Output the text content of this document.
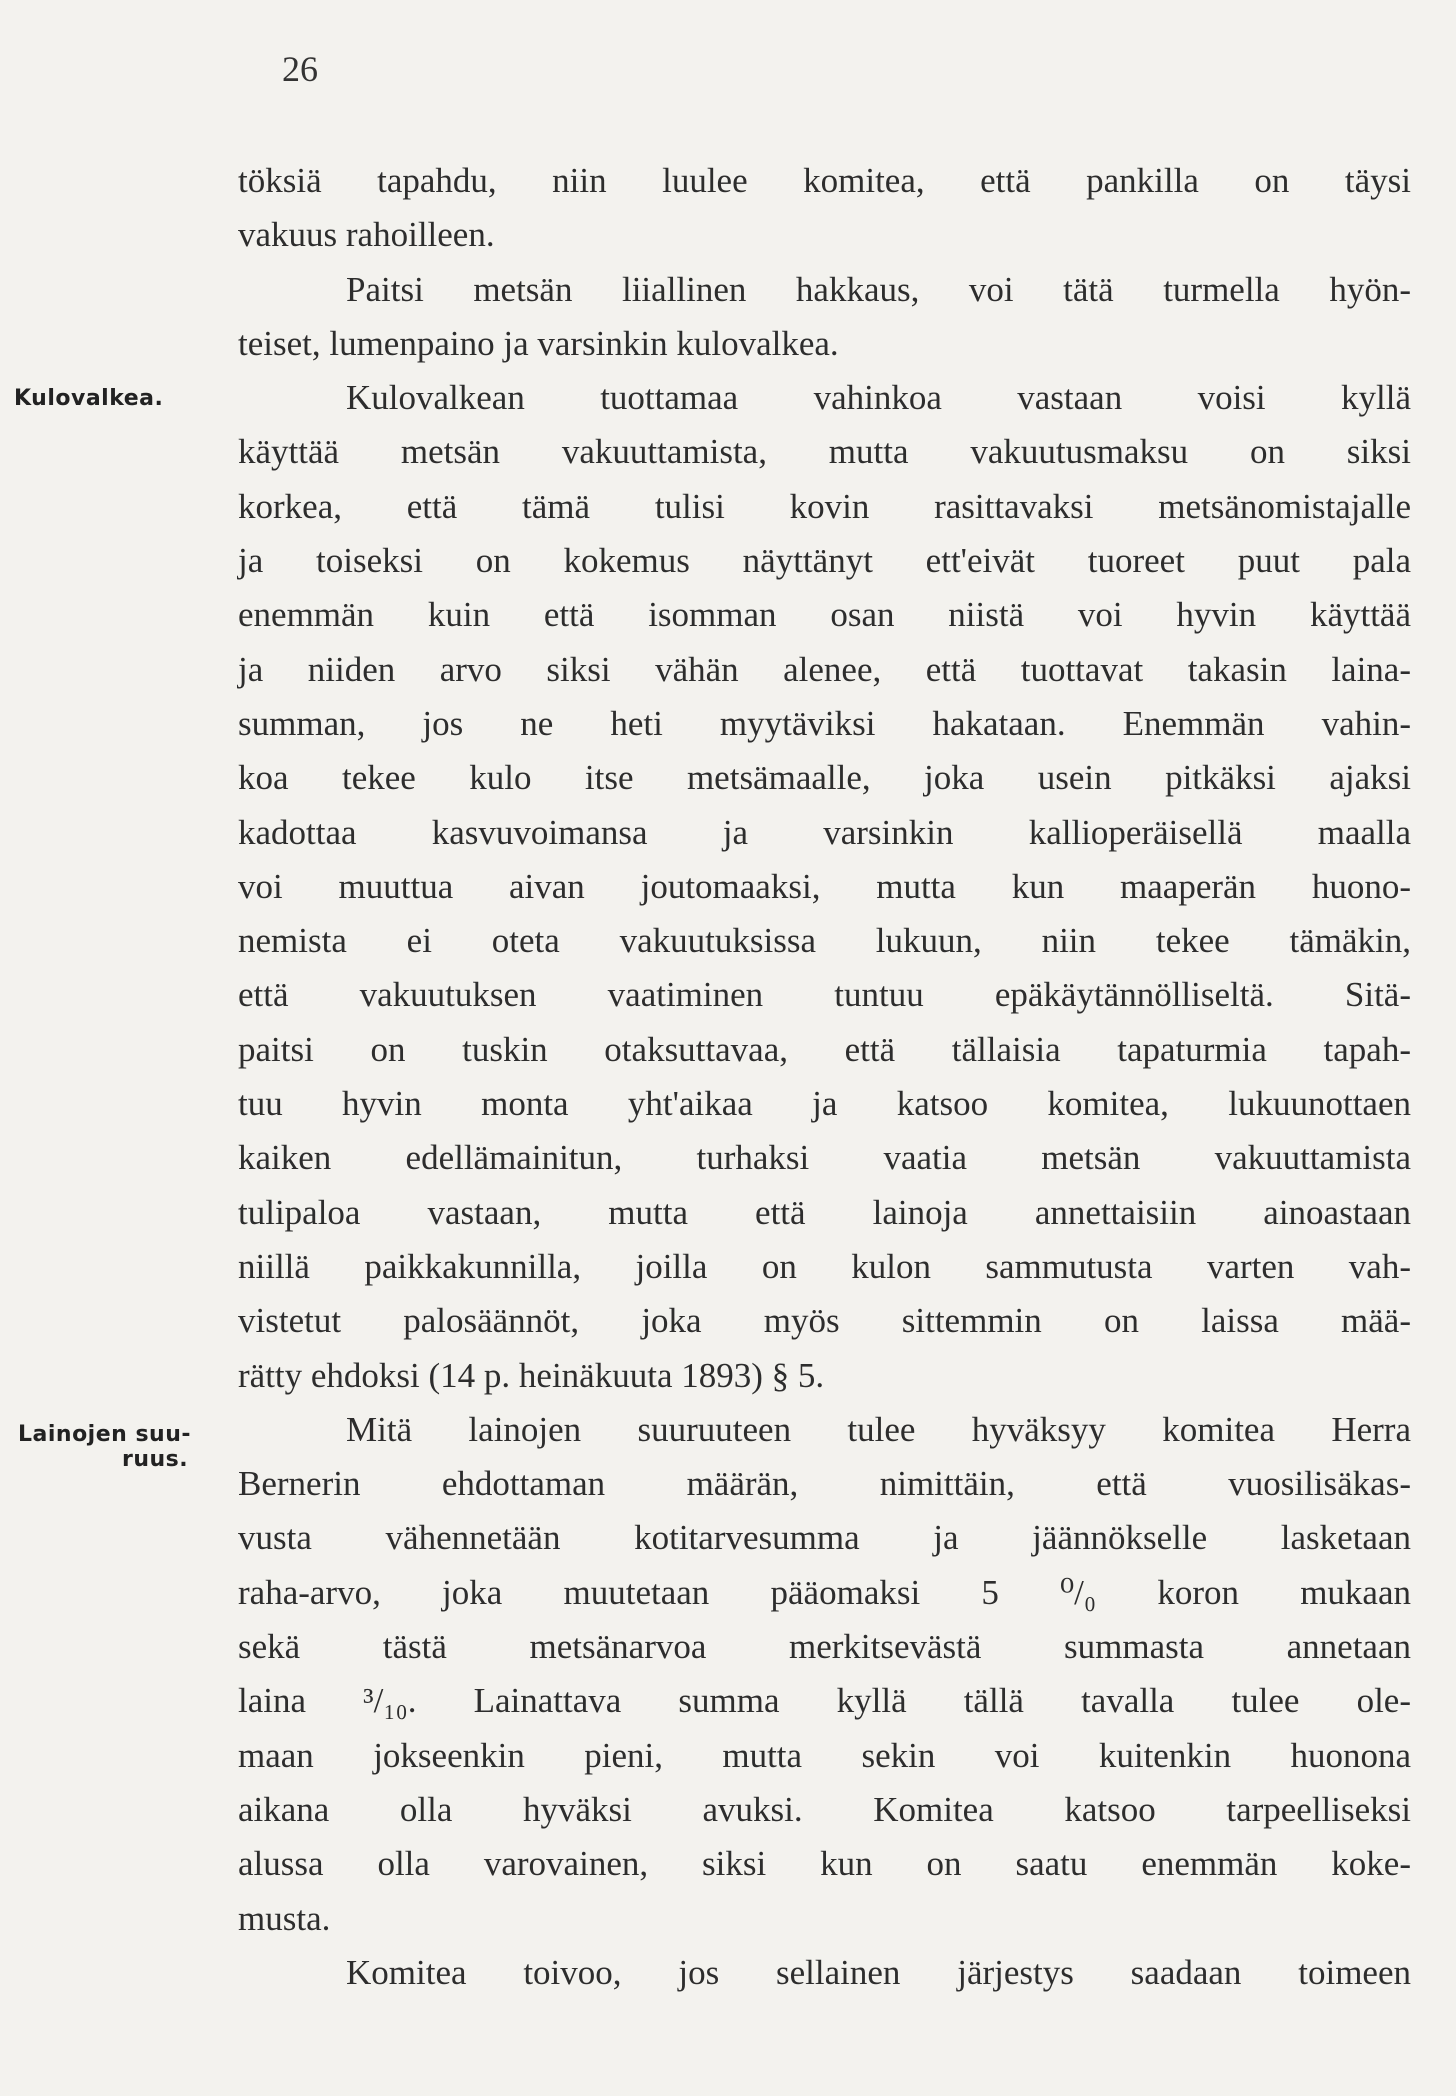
26
Kulovalkea.
Lainojen suu-
ruus.
töksiä tapahdu, niin luulee komitea, että pankilla on täysi
vakuus rahoilleen.
Paitsi metsän liiallinen hakkaus, voi tätä turmella hyön-
teiset, lumenpaino ja varsinkin kulovalkea.
Kulovalkean tuottamaa vahinkoa vastaan voisi kyllä
käyttää metsän vakuuttamista, mutta vakuutusmaksu on siksi
korkea, että tämä tulisi kovin rasittavaksi metsänomistajalle
ja toiseksi on kokemus näyttänyt ett'eivät tuoreet puut pala
enemmän kuin että isomman osan niistä voi hyvin käyttää
ja niiden arvo siksi vähän alenee, että tuottavat takasin laina-
summan, jos ne heti myytäviksi hakataan. Enemmän vahin-
koa tekee kulo itse metsämaalle, joka usein pitkäksi ajaksi
kadottaa kasvuvoimansa ja varsinkin kallioperäisellä maalla
voi muuttua aivan joutomaaksi, mutta kun maaperän huono-
nemista ei oteta vakuutuksissa lukuun, niin tekee tämäkin,
että vakuutuksen vaatiminen tuntuu epäkäytännölliseltä. Sitä-
paitsi on tuskin otaksuttavaa, että tällaisia tapaturmia tapah-
tuu hyvin monta yht'aikaa ja katsoo komitea, lukuunottaen
kaiken edellämainitun, turhaksi vaatia metsän vakuuttamista
tulipaloa vastaan, mutta että lainoja annettaisiin ainoastaan
niillä paikkakunnilla, joilla on kulon sammutusta varten vah-
vistetut palosäännöt, joka myös sittemmin on laissa mää-
rätty ehdoksi (14 p. heinäkuuta 1893) § 5.
Mitä lainojen suuruuteen tulee hyväksyy komitea Herra
Bernerin ehdottaman määrän, nimittäin, että vuosilisäkas-
vusta vähennetään kotitarvesumma ja jäännökselle lasketaan
raha-arvo, joka muutetaan pääomaksi 5 ⁰/₀ koron mukaan
sekä tästä metsänarvoa merkitsevästä summasta annetaan
laina ³/₁₀. Lainattava summa kyllä tällä tavalla tulee ole-
maan jokseenkin pieni, mutta sekin voi kuitenkin huonona
aikana olla hyväksi avuksi. Komitea katsoo tarpeelliseksi
alussa olla varovainen, siksi kun on saatu enemmän koke-
musta.
Komitea toivoo, jos sellainen järjestys saadaan toimeen
